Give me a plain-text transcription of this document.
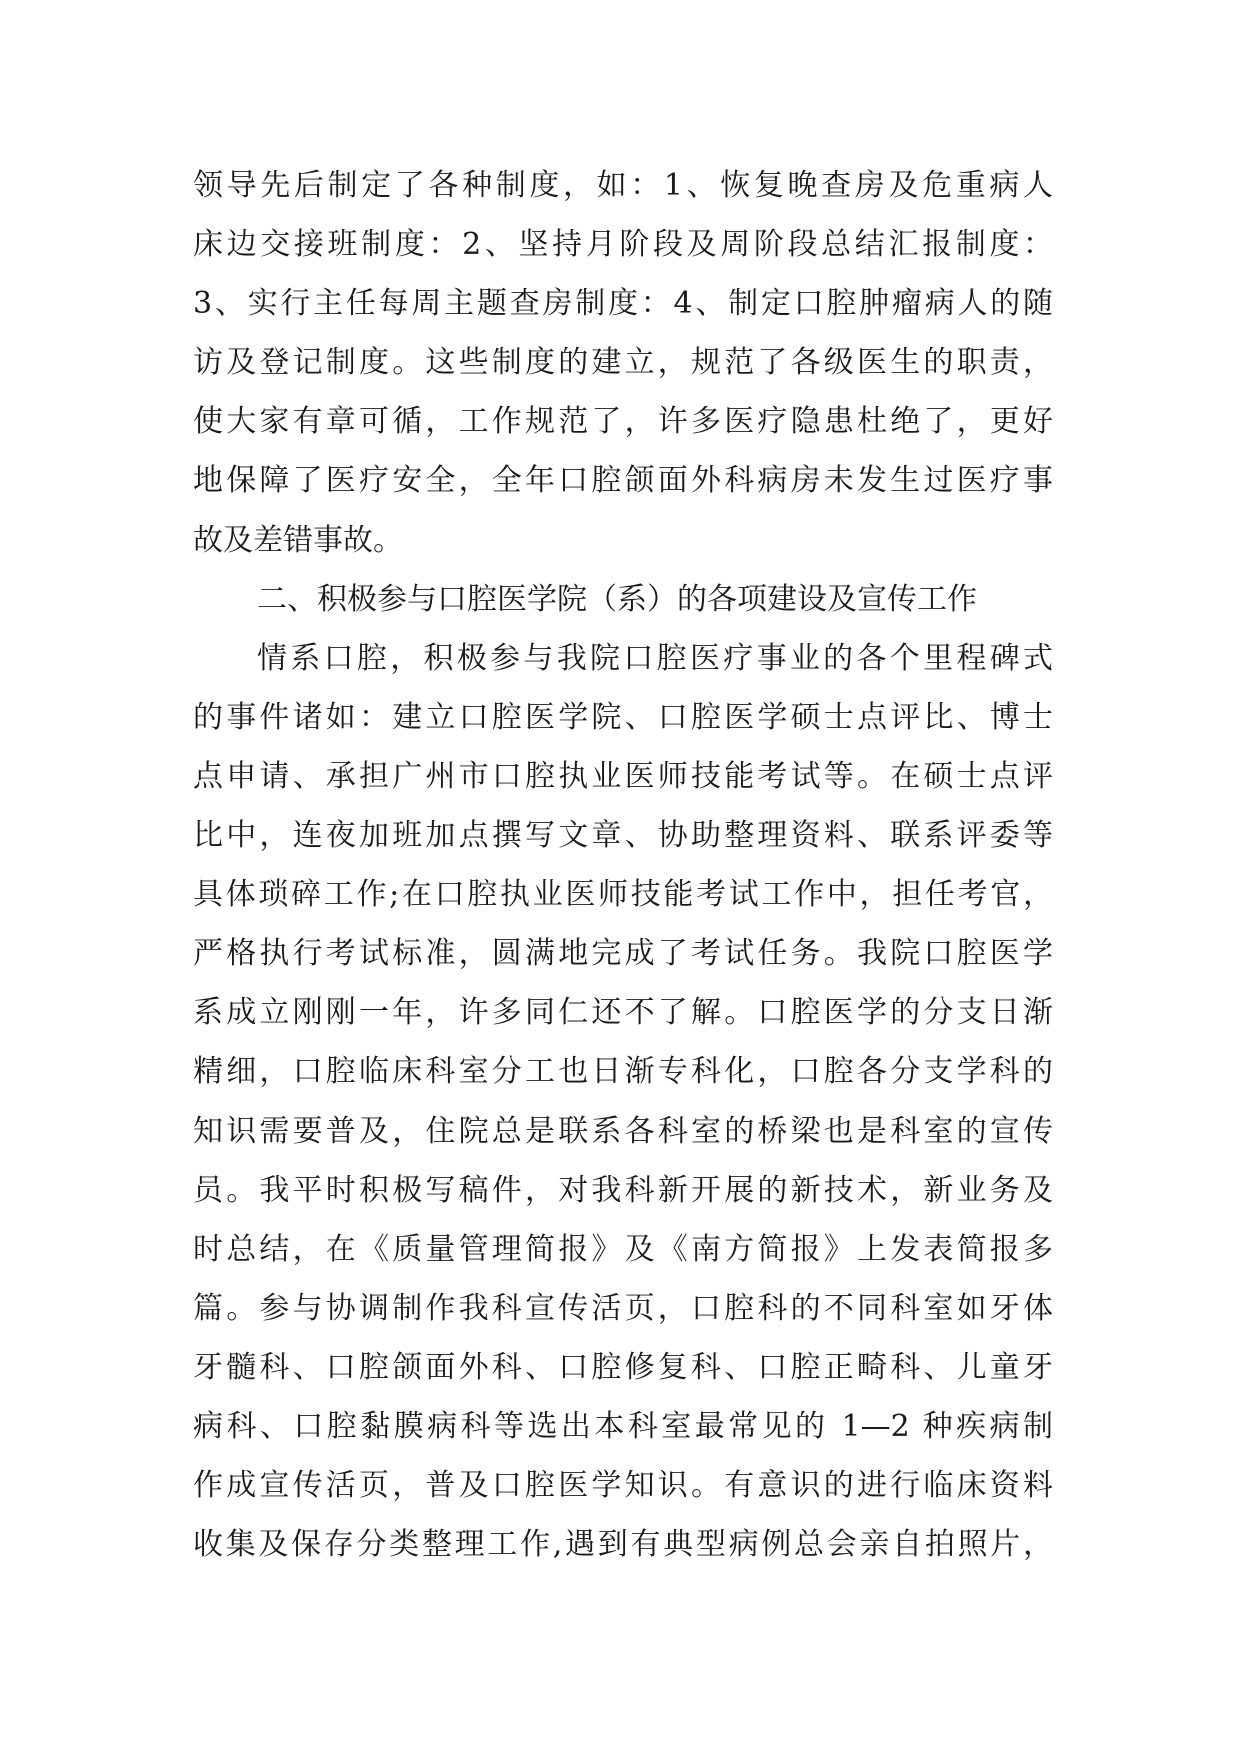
领导先后制定了各种制度，如：1、恢复晚查房及危重病人
床边交接班制度：2、坚持月阶段及周阶段总结汇报制度：
3、实行主任每周主题查房制度：4、制定口腔肿瘤病人的随
访及登记制度。这些制度的建立，规范了各级医生的职责，
使大家有章可循，工作规范了，许多医疗隐患杜绝了，更好
地保障了医疗安全，全年口腔颌面外科病房未发生过医疗事
故及差错事故。
二、积极参与口腔医学院（系）的各项建设及宣传工作
情系口腔，积极参与我院口腔医疗事业的各个里程碑式
的事件诸如：建立口腔医学院、口腔医学硕士点评比、博士
点申请、承担广州市口腔执业医师技能考试等。在硕士点评
比中，连夜加班加点撰写文章、协助整理资料、联系评委等
具体琐碎工作;在口腔执业医师技能考试工作中，担任考官，
严格执行考试标准，圆满地完成了考试任务。我院口腔医学
系成立刚刚一年，许多同仁还不了解。口腔医学的分支日渐
精细，口腔临床科室分工也日渐专科化，口腔各分支学科的
知识需要普及，住院总是联系各科室的桥梁也是科室的宣传
员。我平时积极写稿件，对我科新开展的新技术，新业务及
时总结，在《质量管理简报》及《南方简报》上发表简报多
篇。参与协调制作我科宣传活页，口腔科的不同科室如牙体
牙髓科、口腔颌面外科、口腔修复科、口腔正畸科、儿童牙
病科、口腔黏膜病科等选出本科室最常见的 1—2 种疾病制
作成宣传活页，普及口腔医学知识。有意识的进行临床资料
收集及保存分类整理工作,遇到有典型病例总会亲自拍照片，
